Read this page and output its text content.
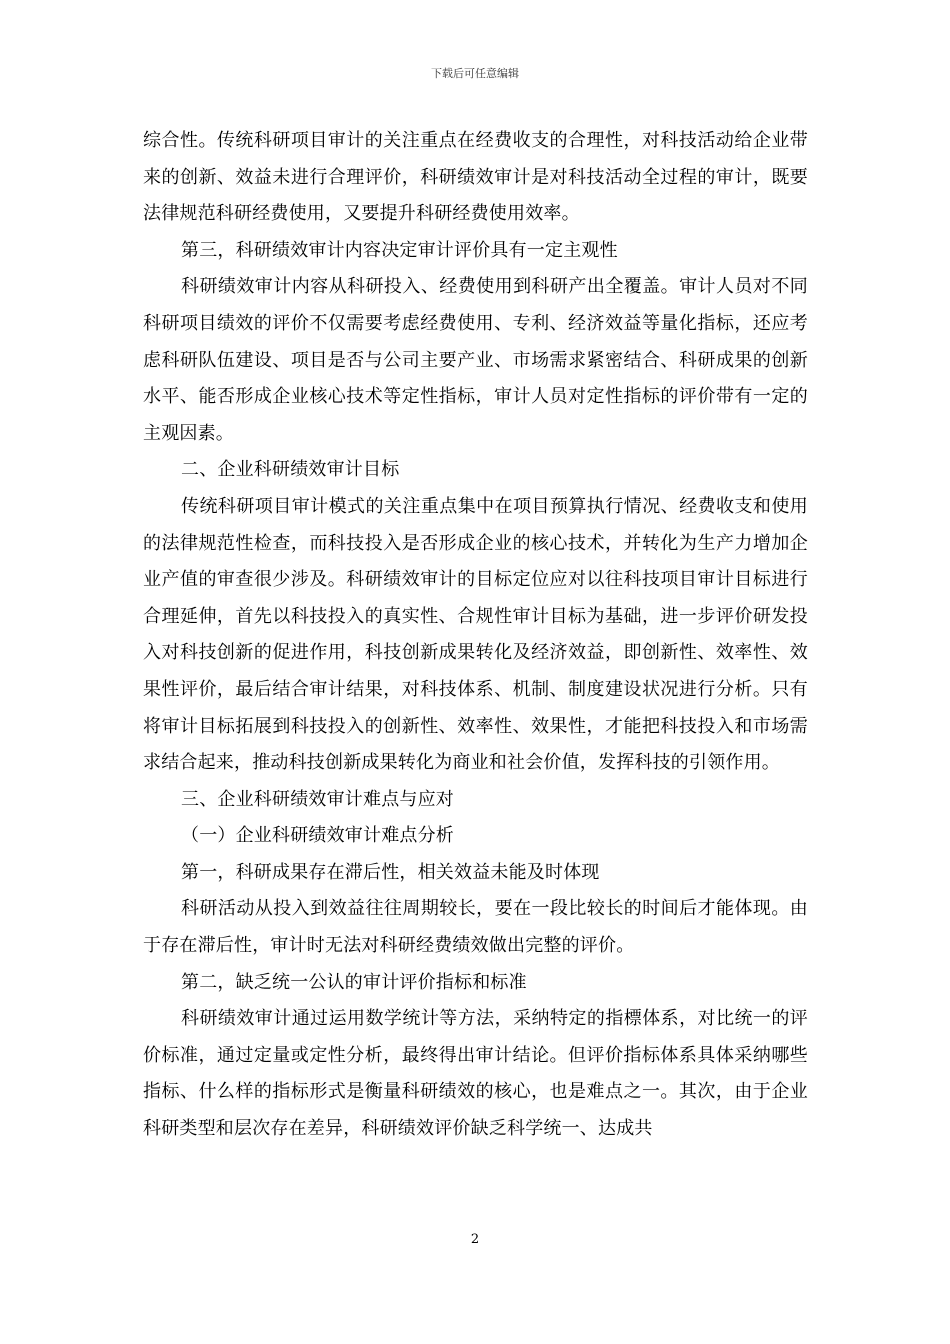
下载后可任意编辑

综合性。传统科研项目审计的关注重点在经费收支的合理性，对科技活动给企业带来的创新、效益未进行合理评价，科研绩效审计是对科技活动全过程的审计，既要法律规范科研经费使用，又要提升科研经费使用效率。

第三，科研绩效审计内容决定审计评价具有一定主观性

科研绩效审计内容从科研投入、经费使用到科研产出全覆盖。审计人员对不同科研项目绩效的评价不仅需要考虑经费使用、专利、经济效益等量化指标，还应考虑科研队伍建设、项目是否与公司主要产业、市场需求紧密结合、科研成果的创新水平、能否形成企业核心技术等定性指标，审计人员对定性指标的评价带有一定的主观因素。

二、企业科研绩效审计目标

传统科研项目审计模式的关注重点集中在项目预算执行情况、经费收支和使用的法律规范性检查，而科技投入是否形成企业的核心技术，并转化为生产力增加企业产值的审查很少涉及。科研绩效审计的目标定位应对以往科技项目审计目标进行合理延伸，首先以科技投入的真实性、合规性审计目标为基础，进一步评价研发投入对科技创新的促进作用，科技创新成果转化及经济效益，即创新性、效率性、效果性评价，最后结合审计结果，对科技体系、机制、制度建设状况进行分析。只有将审计目标拓展到科技投入的创新性、效率性、效果性，才能把科技投入和市场需求结合起来，推动科技创新成果转化为商业和社会价值，发挥科技的引领作用。

三、企业科研绩效审计难点与应对

（一）企业科研绩效审计难点分析

第一，科研成果存在滞后性，相关效益未能及时体现

科研活动从投入到效益往往周期较长，要在一段比较长的时间后才能体现。由于存在滞后性，审计时无法对科研经费绩效做出完整的评价。

第二，缺乏统一公认的审计评价指标和标准

科研绩效审计通过运用数学统计等方法，采纳特定的指標体系，对比统一的评价标准，通过定量或定性分析，最终得出审计结论。但评价指标体系具体采纳哪些指标、什么样的指标形式是衡量科研绩效的核心，也是难点之一。其次，由于企业科研类型和层次存在差异，科研绩效评价缺乏科学统一、达成共

2
